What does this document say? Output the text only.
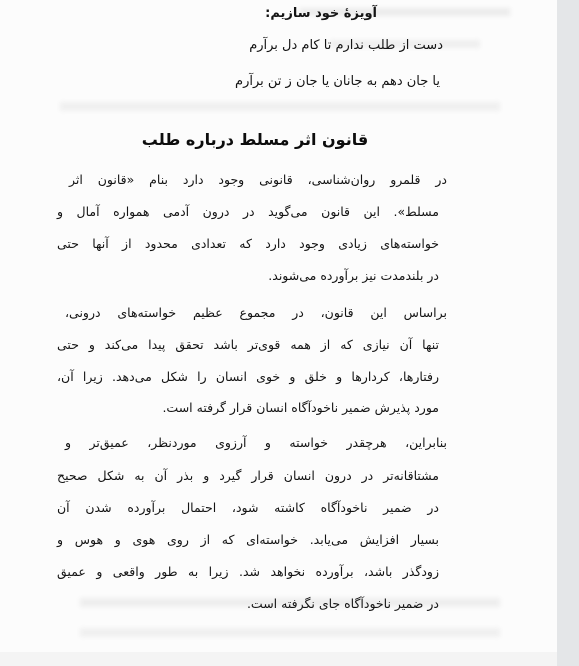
آویزهٔ خود سازیم:
دست از طلب ندارم تا کام دل برآرم
یا جان دهم به جانان یا جان ز تن برآرم
قانون اثر مسلط درباره طلب
در قلمرو روان‌شناسی، قانونی وجود دارد بنام «قانون اثر
مسلط». این قانون می‌گوید در درون آدمی همواره آمال و
خواسته‌های زیادی وجود دارد که تعدادی محدود از آنها حتی
در بلندمدت نیز برآورده می‌شوند.
براساس این قانون، در مجموع عظیم خواسته‌های درونی،
تنها آن نیازی که از همه قوی‌تر باشد تحقق پیدا می‌کند و حتی
رفتارها، کردارها و خلق و خوی انسان را شکل می‌دهد. زیرا آن،
مورد پذیرش ضمیر ناخودآگاه انسان قرار گرفته است.
بنابراین، هرچقدر خواسته و آرزوی موردنظر، عمیق‌تر و
مشتاقانه‌تر در درون انسان قرار گیرد و بذر آن به شکل صحیح
در ضمیر ناخودآگاه کاشته شود، احتمال برآورده شدن آن
بسیار افزایش می‌یابد. خواسته‌ای که از روی هوی و هوس و
زودگذر باشد، برآورده نخواهد شد. زیرا به طور واقعی و عمیق
در ضمیر ناخودآگاه جای نگرفته است.
